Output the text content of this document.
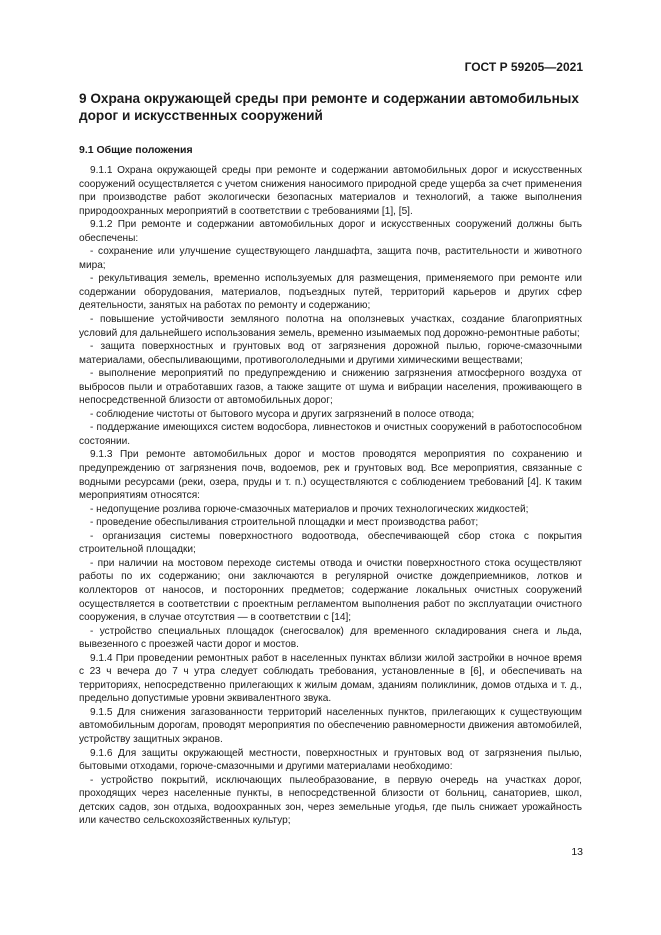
ГОСТ Р 59205—2021
9 Охрана окружающей среды при ремонте и содержании автомобильных дорог и искусственных сооружений
9.1 Общие положения

9.1.1 Охрана окружающей среды при ремонте и содержании автомобильных дорог и искусственных сооружений осуществляется с учетом снижения наносимого природной среде ущерба за счет применения при производстве работ экологически безопасных материалов и технологий, а также выполнения природоохранных мероприятий в соответствии с требованиями [1], [5].

9.1.2 При ремонте и содержании автомобильных дорог и искусственных сооружений должны быть обеспечены:

- сохранение или улучшение существующего ландшафта, защита почв, растительности и животного мира;

- рекультивация земель, временно используемых для размещения, применяемого при ремонте или содержании оборудования, материалов, подъездных путей, территорий карьеров и других сфер деятельности, занятых на работах по ремонту и содержанию;

- повышение устойчивости земляного полотна на оползневых участках, создание благоприятных условий для дальнейшего использования земель, временно изымаемых под дорожно-ремонтные работы;

- защита поверхностных и грунтовых вод от загрязнения дорожной пылью, горюче-смазочными материалами, обеспыливающими, противогололедными и другими химическими веществами;

- выполнение мероприятий по предупреждению и снижению загрязнения атмосферного воздуха от выбросов пыли и отработавших газов, а также защите от шума и вибрации населения, проживающего в непосредственной близости от автомобильных дорог;

- соблюдение чистоты от бытового мусора и других загрязнений в полосе отвода;

- поддержание имеющихся систем водосбора, ливнестоков и очистных сооружений в работоспособном состоянии.

9.1.3 При ремонте автомобильных дорог и мостов проводятся мероприятия по сохранению и предупреждению от загрязнения почв, водоемов, рек и грунтовых вод. Все мероприятия, связанные с водными ресурсами (реки, озера, пруды и т. п.) осуществляются с соблюдением требований [4]. К таким мероприятиям относятся:

- недопущение розлива горюче-смазочных материалов и прочих технологических жидкостей;

- проведение обеспыливания строительной площадки и мест производства работ;

- организация системы поверхностного водоотвода, обеспечивающей сбор стока с покрытия строительной площадки;

- при наличии на мостовом переходе системы отвода и очистки поверхностного стока осуществляют работы по их содержанию; они заключаются в регулярной очистке дождеприемников, лотков и коллекторов от наносов, и посторонних предметов; содержание локальных очистных сооружений осуществляется в соответствии с проектным регламентом выполнения работ по эксплуатации очистного сооружения, в случае отсутствия — в соответствии с [14];

- устройство специальных площадок (снегосвалок) для временного складирования снега и льда, вывезенного с проезжей части дорог и мостов.

9.1.4 При проведении ремонтных работ в населенных пунктах вблизи жилой застройки в ночное время с 23 ч вечера до 7 ч утра следует соблюдать требования, установленные в [6], и обеспечивать на территориях, непосредственно прилегающих к жилым домам, зданиям поликлиник, домов отдыха и т. д., предельно допустимые уровни эквивалентного звука.

9.1.5 Для снижения загазованности территорий населенных пунктов, прилегающих к существующим автомобильным дорогам, проводят мероприятия по обеспечению равномерности движения автомобилей, устройству защитных экранов.

9.1.6 Для защиты окружающей местности, поверхностных и грунтовых вод от загрязнения пылью, бытовыми отходами, горюче-смазочными и другими материалами необходимо:

- устройство покрытий, исключающих пылеобразование, в первую очередь на участках дорог, проходящих через населенные пункты, в непосредственной близости от больниц, санаториев, школ, детских садов, зон отдыха, водоохранных зон, через земельные угодья, где пыль снижает урожайность или качество сельскохозяйственных культур;

13
